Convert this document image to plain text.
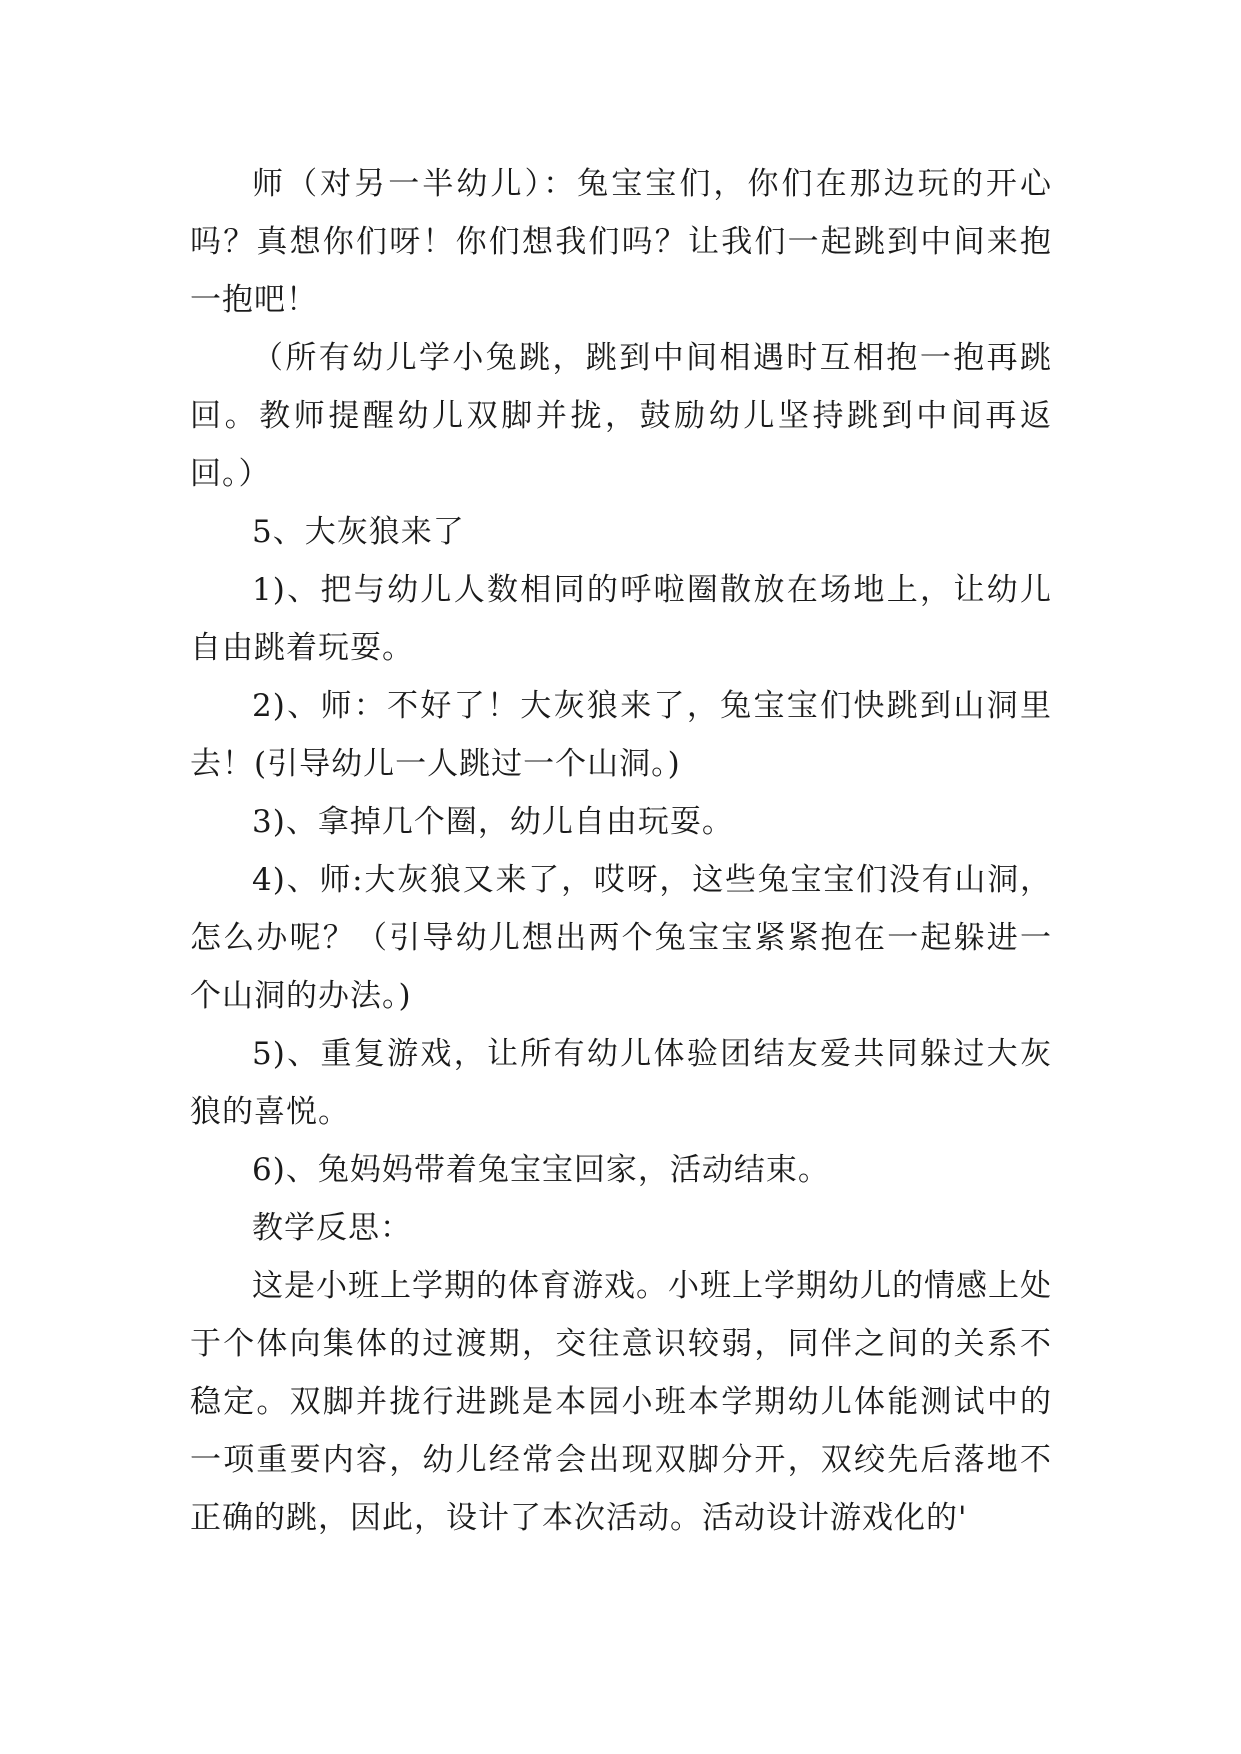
师（对另一半幼儿）：兔宝宝们，你们在那边玩的开心吗？真想你们呀！你们想我们吗？让我们一起跳到中间来抱一抱吧！

（所有幼儿学小兔跳，跳到中间相遇时互相抱一抱再跳回。教师提醒幼儿双脚并拢，鼓励幼儿坚持跳到中间再返回。）

5、大灰狼来了

1)、把与幼儿人数相同的呼啦圈散放在场地上，让幼儿自由跳着玩耍。

2)、师：不好了！大灰狼来了，兔宝宝们快跳到山洞里去！(引导幼儿一人跳过一个山洞。)

3)、拿掉几个圈，幼儿自由玩耍。

4)、师:大灰狼又来了，哎呀，这些兔宝宝们没有山洞，怎么办呢？（引导幼儿想出两个兔宝宝紧紧抱在一起躲进一个山洞的办法。)

5)、重复游戏，让所有幼儿体验团结友爱共同躲过大灰狼的喜悦。

6)、兔妈妈带着兔宝宝回家，活动结束。

教学反思：

这是小班上学期的体育游戏。小班上学期幼儿的情感上处于个体向集体的过渡期，交往意识较弱，同伴之间的关系不稳定。双脚并拢行进跳是本园小班本学期幼儿体能测试中的一项重要内容，幼儿经常会出现双脚分开，双绞先后落地不正确的跳，因此，设计了本次活动。活动设计游戏化的'
